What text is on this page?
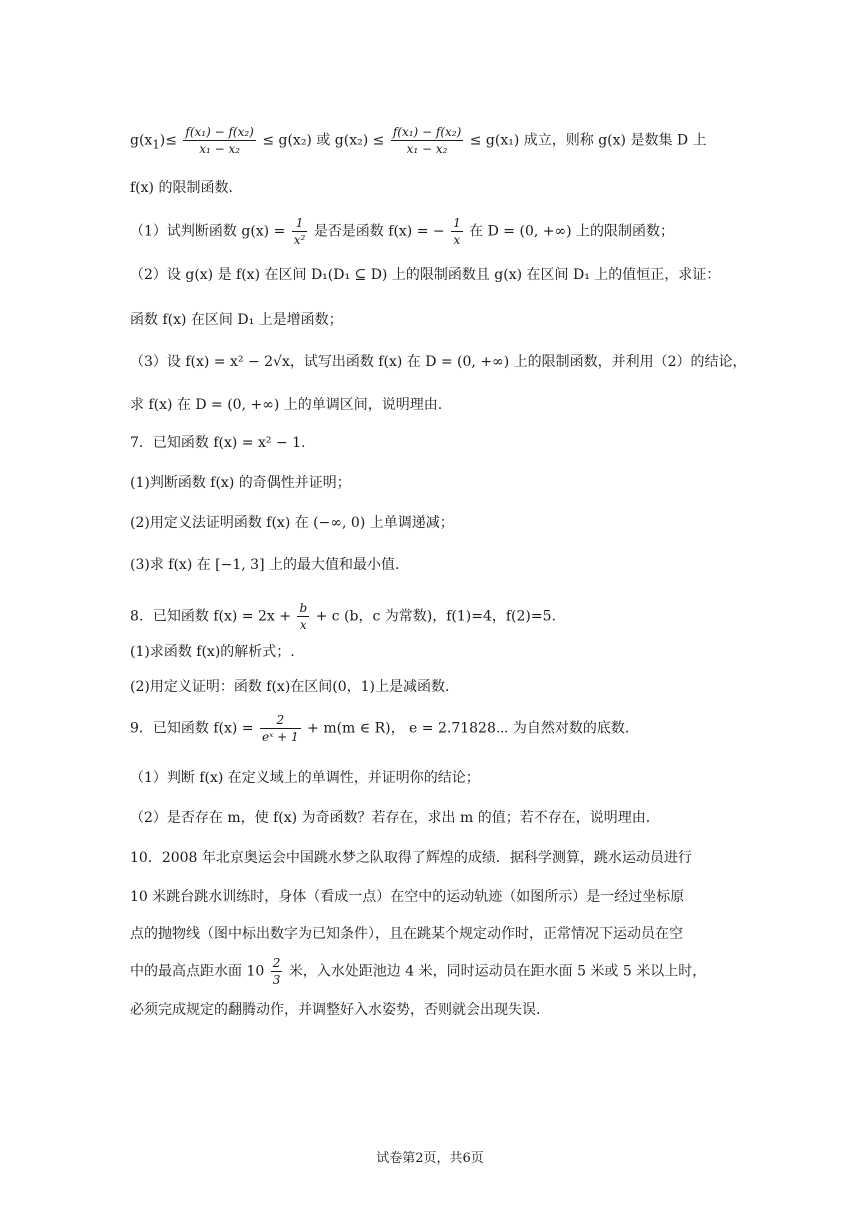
$g(x_1)\le \frac{\text{f(x₁) − f(x₂)}}{\text{x₁ − x₂}} \le g(x_2)$ 或 $g(x_2) \le \frac{\text{f(x₁) − f(x₂)}}{\text{x₁ − x₂}} \le g(x_1)$ 成立，则称 g(x) 是数集 D 上
f(x) 的限制函数.
（1）试判断函数 $g(x) = \frac{1}{\text{x²}}$ 是否是函数 f(x) = − $\frac{1}{x}$ 在 D = (0, +∞) 上的限制函数；
（2）设 g(x) 是 f(x) 在区间 D₁(D₁ ⊆ D) 上的限制函数且 g(x) 在区间 D₁ 上的值恒正，求证：
函数 f(x) 在区间 D₁ 上是增函数；
（3）设 f(x) = x² − 2√x，试写出函数 f(x) 在 D = (0, +∞) 上的限制函数，并利用（2）的结论，
求 f(x) 在 D = (0, +∞) 上的单调区间，说明理由.
7．已知函数 f(x) = x² − 1.
(1)判断函数 f(x) 的奇偶性并证明；
(2)用定义法证明函数 f(x) 在 (−∞, 0) 上单调递减；
(3)求 f(x) 在 [−1, 3] 上的最大值和最小值.
8．已知函数 $f(x) = 2x + \frac{b}{x} + c$ (b，c 为常数)，f(1)=4，f(2)=5.
(1)求函数 f(x)的解析式；.
(2)用定义证明：函数 f(x)在区间(0，1)上是减函数.
9．已知函数 $f(x) = \frac{2}{\text{eˣ + 1}} + m(m$ ∈ R)， e = 2.71828⋯ 为自然对数的底数.
（1）判断 f(x) 在定义域上的单调性，并证明你的结论；
（2）是否存在 m，使 f(x) 为奇函数？若存在，求出 m 的值；若不存在，说明理由.
10．2008 年北京奥运会中国跳水梦之队取得了辉煌的成绩．据科学测算，跳水运动员进行
10 米跳台跳水训练时，身体（看成一点）在空中的运动轨迹（如图所示）是一经过坐标原
点的抛物线（图中标出数字为已知条件），且在跳某个规定动作时，正常情况下运动员在空
中的最高点距水面 $10 \frac{2}{3}$ 米，入水处距池边 4 米，同时运动员在距水面 5 米或 5 米以上时，
必须完成规定的翻腾动作，并调整好入水姿势，否则就会出现失误.
试卷第2页，共6页
